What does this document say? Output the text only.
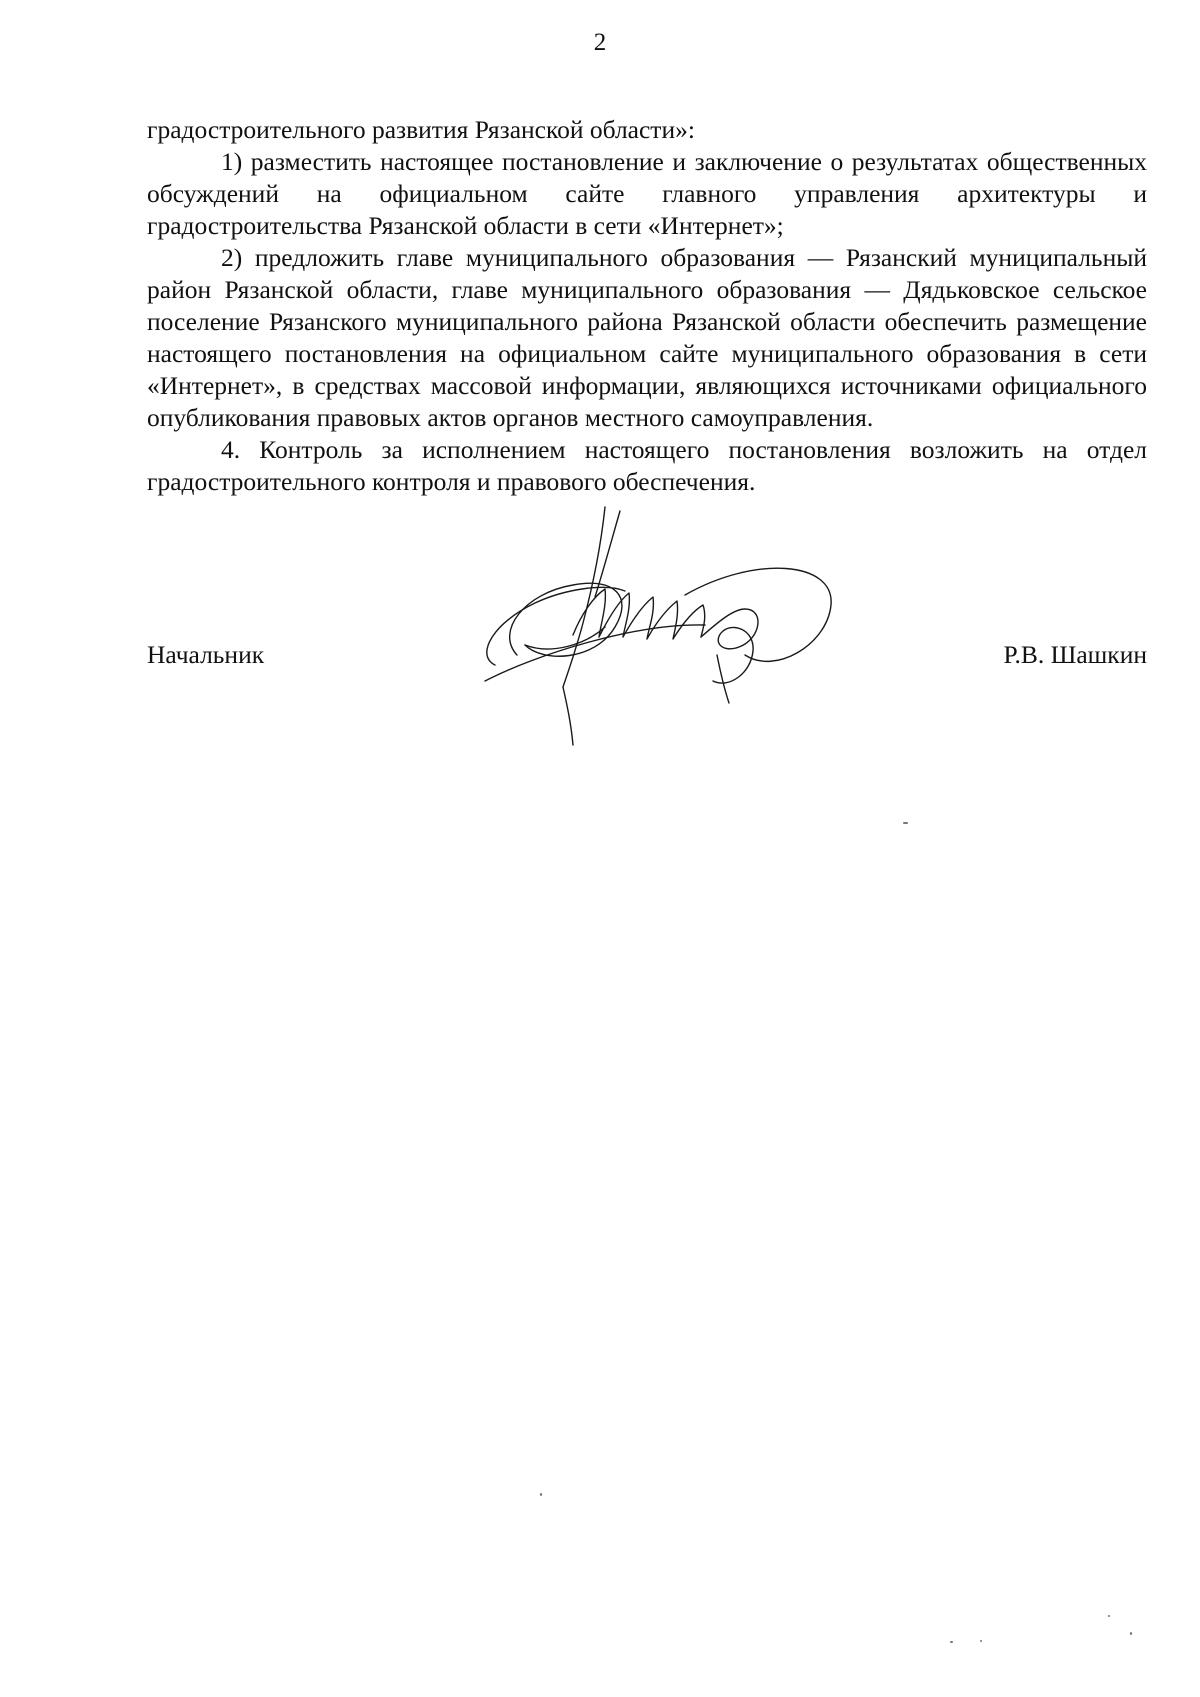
2

градостроительного развития Рязанской области»:

1) разместить настоящее постановление и заключение о результатах общественных обсуждений на официальном сайте главного управления архитектуры и градостроительства Рязанской области в сети «Интернет»;

2) предложить главе муниципального образования — Рязанский муниципальный район Рязанской области, главе муниципального образования — Дядьковское сельское поселение Рязанского муниципального района Рязанской области обеспечить размещение настоящего постановления на официальном сайте муниципального образования в сети «Интернет», в средствах массовой информации, являющихся источниками официального опубликования правовых актов органов местного самоуправления.

4. Контроль за исполнением настоящего постановления возложить на отдел градостроительного контроля и правового обеспечения.

Начальник	Р.В. Шашкин
